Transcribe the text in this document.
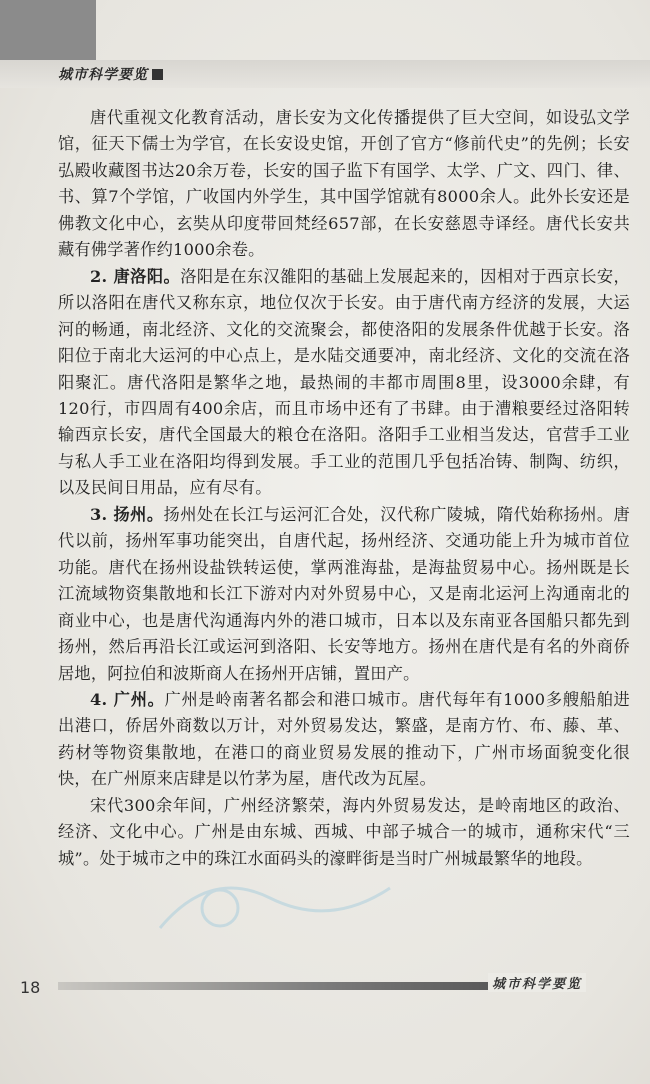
城市科学要览

唐代重视文化教育活动，唐长安为文化传播提供了巨大空间，如设弘文学馆，征天下儒士为学官，在长安设史馆，开创了官方“修前代史”的先例；长安弘殿收藏图书达20余万卷，长安的国子监下有国学、太学、广文、四门、律、书、算7个学馆，广收国内外学生，其中国学馆就有8000余人。此外长安还是佛教文化中心，玄奘从印度带回梵经657部，在长安慈恩寺译经。唐代长安共藏有佛学著作约1000余卷。

2. 唐洛阳。洛阳是在东汉雒阳的基础上发展起来的，因相对于西京长安，所以洛阳在唐代又称东京，地位仅次于长安。由于唐代南方经济的发展，大运河的畅通，南北经济、文化的交流聚会，都使洛阳的发展条件优越于长安。洛阳位于南北大运河的中心点上，是水陆交通要冲，南北经济、文化的交流在洛阳聚汇。唐代洛阳是繁华之地，最热闹的丰都市周围8里，设3000余肆，有120行，市四周有400余店，而且市场中还有了书肆。由于漕粮要经过洛阳转输西京长安，唐代全国最大的粮仓在洛阳。洛阳手工业相当发达，官营手工业与私人手工业在洛阳均得到发展。手工业的范围几乎包括冶铸、制陶、纺织，以及民间日用品，应有尽有。

3. 扬州。扬州处在长江与运河汇合处，汉代称广陵城，隋代始称扬州。唐代以前，扬州军事功能突出，自唐代起，扬州经济、交通功能上升为城市首位功能。唐代在扬州设盐铁转运使，掌两淮海盐，是海盐贸易中心。扬州既是长江流域物资集散地和长江下游对内对外贸易中心，又是南北运河上沟通南北的商业中心，也是唐代沟通海内外的港口城市，日本以及东南亚各国船只都先到扬州，然后再沿长江或运河到洛阳、长安等地方。扬州在唐代是有名的外商侨居地，阿拉伯和波斯商人在扬州开店铺，置田产。

4. 广州。广州是岭南著名都会和港口城市。唐代每年有1000多艘船舶进出港口，侨居外商数以万计，对外贸易发达，繁盛，是南方竹、布、藤、革、药材等物资集散地，在港口的商业贸易发展的推动下，广州市场面貌变化很快，在广州原来店肆是以竹茅为屋，唐代改为瓦屋。

宋代300余年间，广州经济繁荣，海内外贸易发达，是岭南地区的政治、经济、文化中心。广州是由东城、西城、中部子城合一的城市，通称宋代“三城”。处于城市之中的珠江水面码头的濠畔街是当时广州城最繁华的地段。

18	城市科学要览
